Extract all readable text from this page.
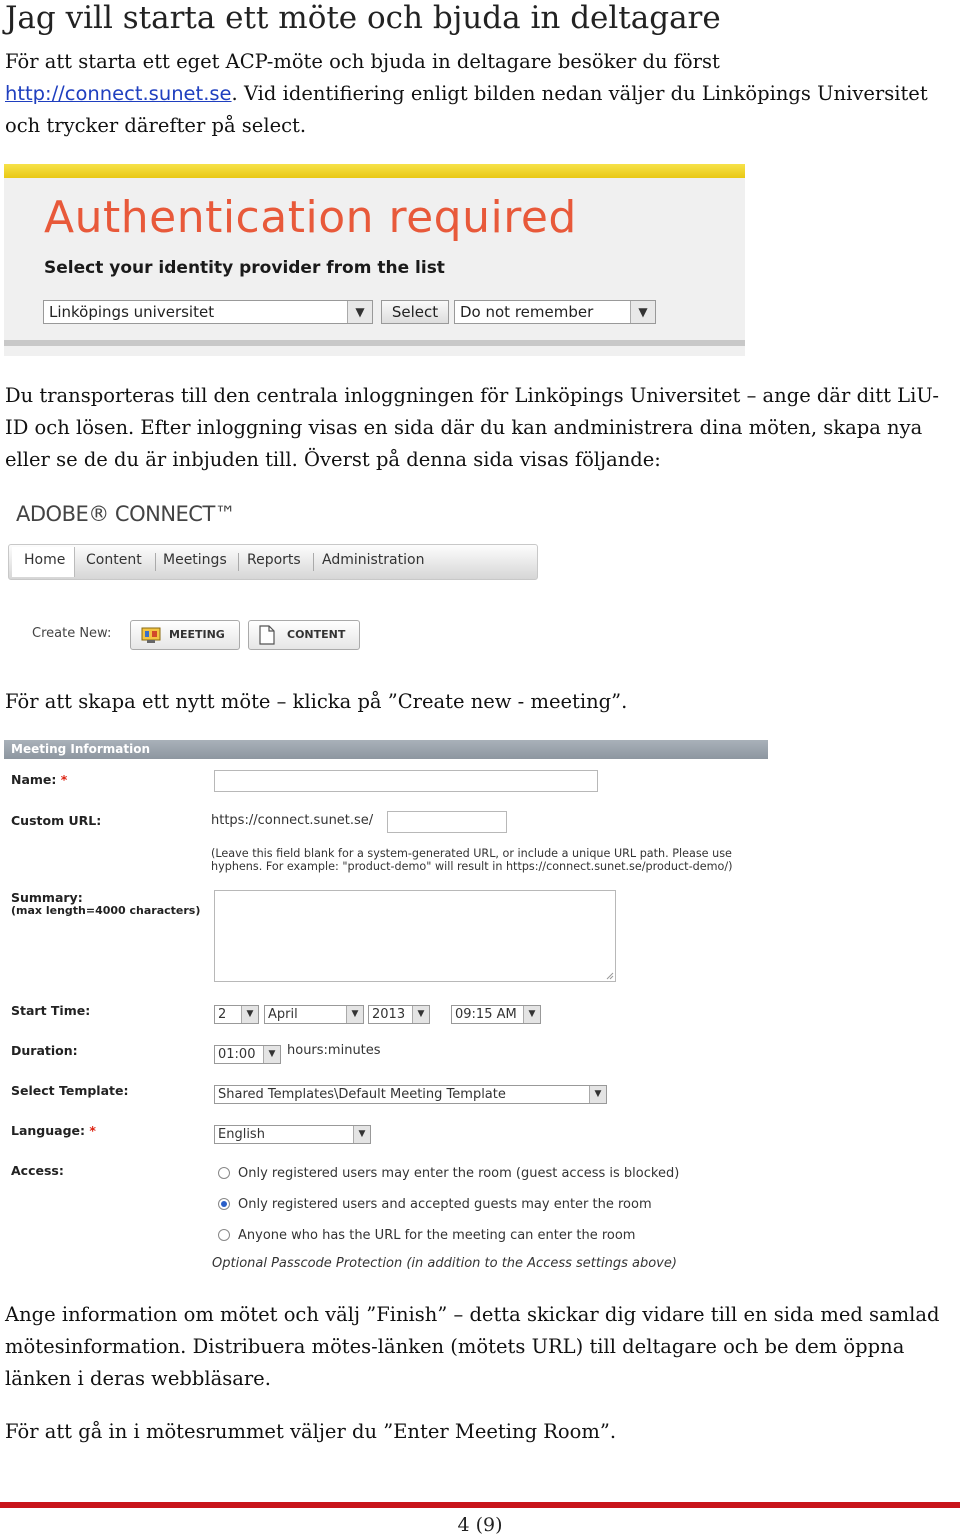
Jag vill starta ett möte och bjuda in deltagare
För att starta ett eget ACP-möte och bjuda in deltagare besöker du först http://connect.sunet.se. Vid identifiering enligt bilden nedan väljer du Linköpings Universitet och trycker därefter på select.
Authentication required
Select your identity provider from the list
Linköpings universitet	▼	Select	Do not remember	▼
Du transporteras till den centrala inloggningen för Linköpings Universitet – ange där ditt LiU-ID och lösen. Efter inloggning visas en sida där du kan andministrera dina möten, skapa nya eller se de du är inbjuden till. Överst på denna sida visas följande:
ADOBE® CONNECT™
Home Content Meetings Reports Administration
Create New:	MEETING	CONTENT
För att skapa ett nytt möte – klicka på ”Create new - meeting”.
Meeting Information
Name: *
Custom URL:	https://connect.sunet.se/
(Leave this field blank for a system-generated URL, or include a unique URL path. Please use
hyphens. For example: "product-demo" will result in https://connect.sunet.se/product-demo/)
Summary:
(max length=4000 characters)
Start Time:	2	▼	April	▼	2013	▼	09:15 AM	▼
Duration:	01:00	▼ hours:minutes
Select Template:	Shared Templates\Default Meeting Template	▼
Language: *	English	▼
Access:	Only registered users may enter the room (guest access is blocked)
Only registered users and accepted guests may enter the room
Anyone who has the URL for the meeting can enter the room
Optional Passcode Protection (in addition to the Access settings above)
Ange information om mötet och välj ”Finish” – detta skickar dig vidare till en sida med samlad mötesinformation. Distribuera mötes-länken (mötets URL) till deltagare och be dem öppna länken i deras webbläsare.
För att gå in i mötesrummet väljer du ”Enter Meeting Room”.
4 (9)
